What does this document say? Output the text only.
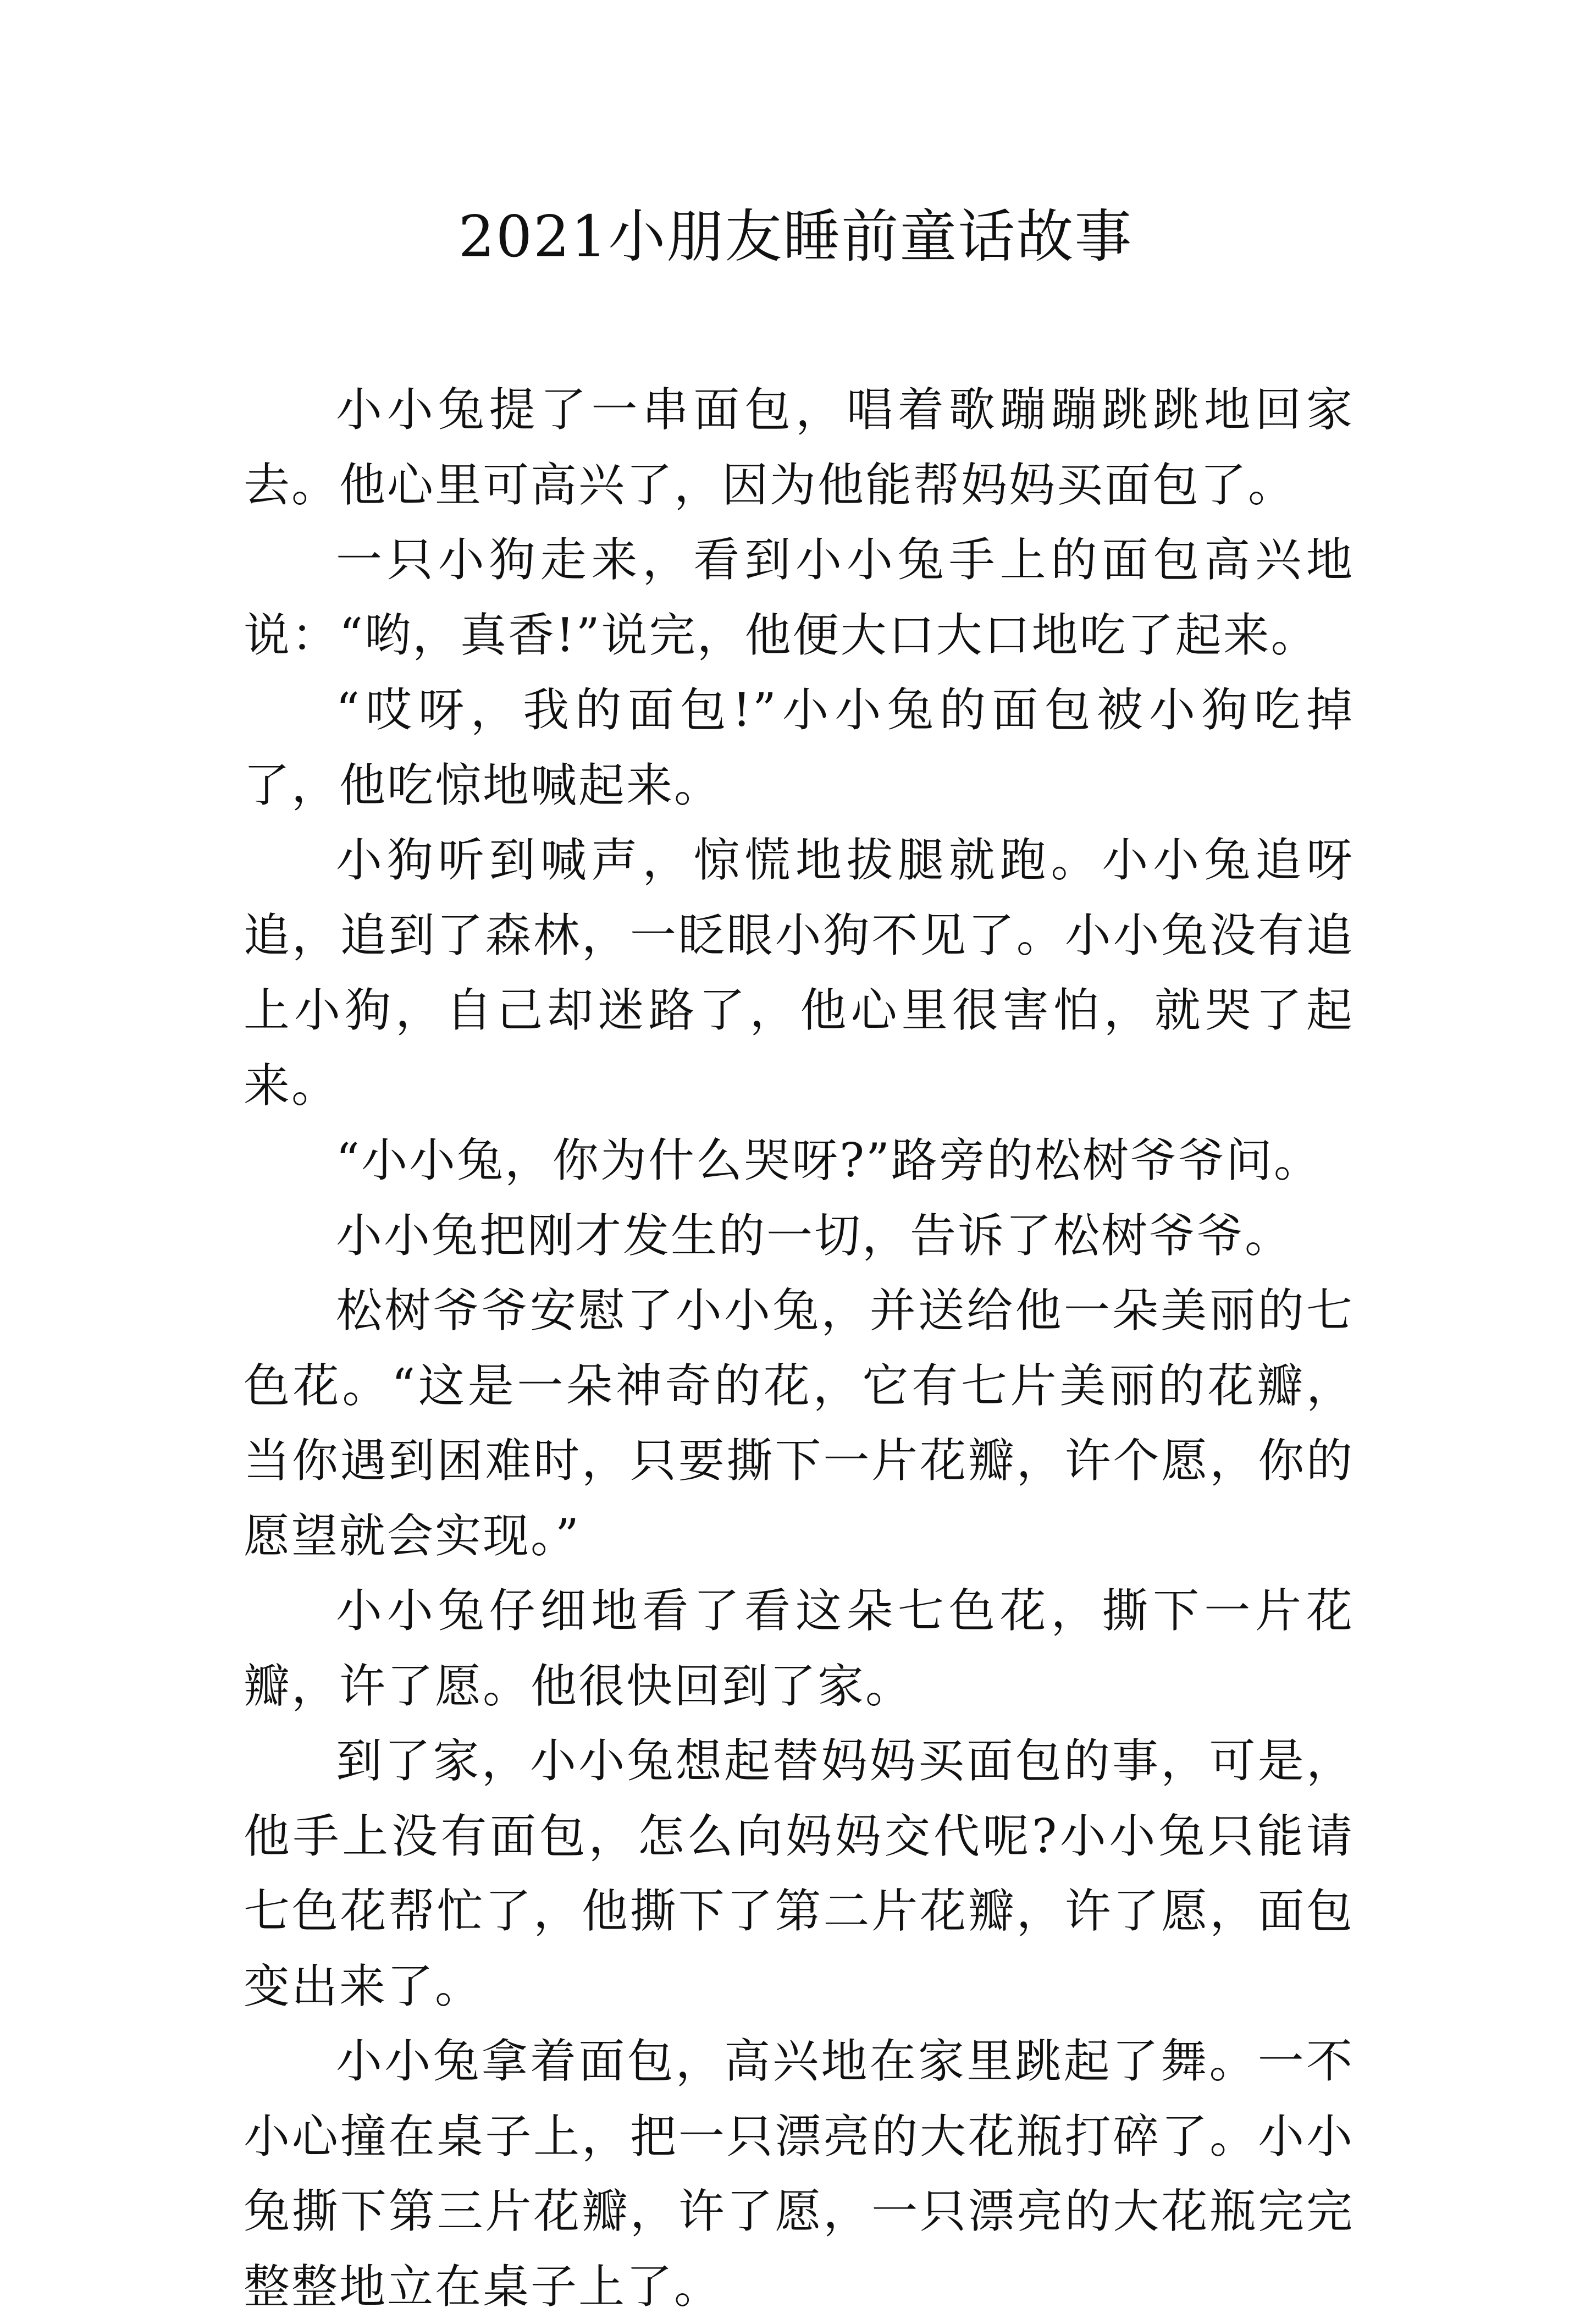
2021小朋友睡前童话故事

小小兔提了一串面包，唱着歌蹦蹦跳跳地回家去。他心里可高兴了，因为他能帮妈妈买面包了。

一只小狗走来，看到小小兔手上的面包高兴地说：“哟，真香!”说完，他便大口大口地吃了起来。

“哎呀，我的面包!”小小兔的面包被小狗吃掉了，他吃惊地喊起来。

小狗听到喊声，惊慌地拔腿就跑。小小兔追呀追，追到了森林，一眨眼小狗不见了。小小兔没有追上小狗，自己却迷路了，他心里很害怕，就哭了起来。

“小小兔，你为什么哭呀?”路旁的松树爷爷问。

小小兔把刚才发生的一切，告诉了松树爷爷。

松树爷爷安慰了小小兔，并送给他一朵美丽的七色花。“这是一朵神奇的花，它有七片美丽的花瓣，当你遇到困难时，只要撕下一片花瓣，许个愿，你的愿望就会实现。”

小小兔仔细地看了看这朵七色花，撕下一片花瓣，许了愿。他很快回到了家。

到了家，小小兔想起替妈妈买面包的事，可是，他手上没有面包，怎么向妈妈交代呢?小小兔只能请七色花帮忙了，他撕下了第二片花瓣，许了愿，面包变出来了。

小小兔拿着面包，高兴地在家里跳起了舞。一不小心撞在桌子上，把一只漂亮的大花瓶打碎了。小小兔撕下第三片花瓣，许了愿，一只漂亮的大花瓶完完整整地立在桌子上了。
